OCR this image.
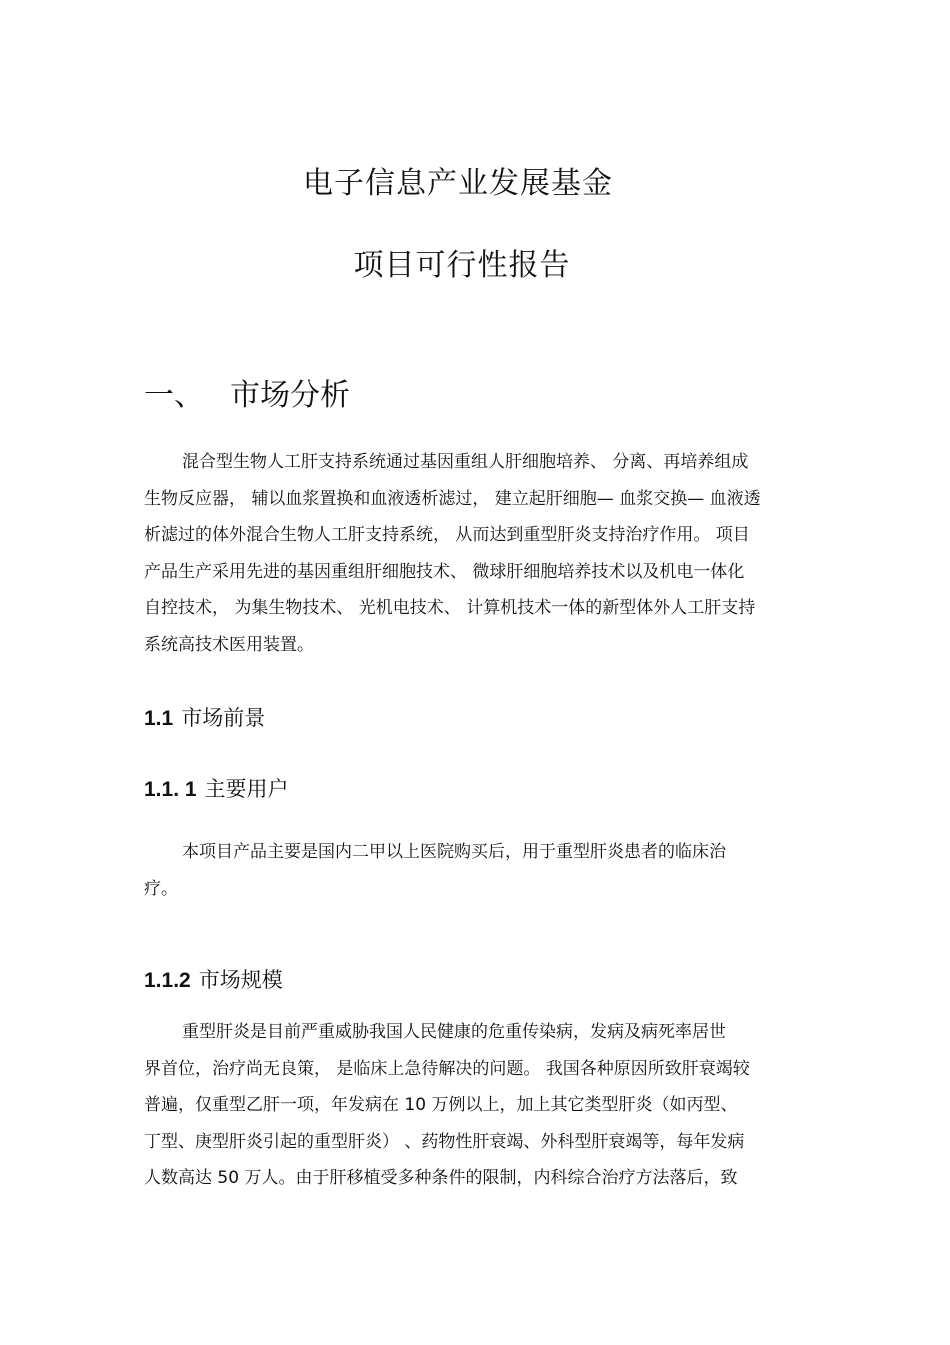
电子信息产业发展基金
项目可行性报告
一、 市场分析
混合型生物人工肝支持系统通过基因重组人肝细胞培养、 分离、再培养组成
生物反应器， 辅以血浆置换和血液透析滤过， 建立起肝细胞— 血浆交换— 血液透
析滤过的体外混合生物人工肝支持系统， 从而达到重型肝炎支持治疗作用。 项目
产品生产采用先进的基因重组肝细胞技术、 微球肝细胞培养技术以及机电一体化
自控技术， 为集生物技术、 光机电技术、 计算机技术一体的新型体外人工肝支持
系统高技术医用装置。
1.1 市场前景
1.1. 1 主要用户
本项目产品主要是国内二甲以上医院购买后，用于重型肝炎患者的临床治
疗。
1.1.2 市场规模
重型肝炎是目前严重威胁我国人民健康的危重传染病，发病及病死率居世
界首位，治疗尚无良策， 是临床上急待解决的问题。 我国各种原因所致肝衰竭较
普遍，仅重型乙肝一项，年发病在 10 万例以上，加上其它类型肝炎（如丙型、
丁型、庚型肝炎引起的重型肝炎） 、药物性肝衰竭、外科型肝衰竭等，每年发病
人数高达 50 万人。由于肝移植受多种条件的限制，内科综合治疗方法落后，致
